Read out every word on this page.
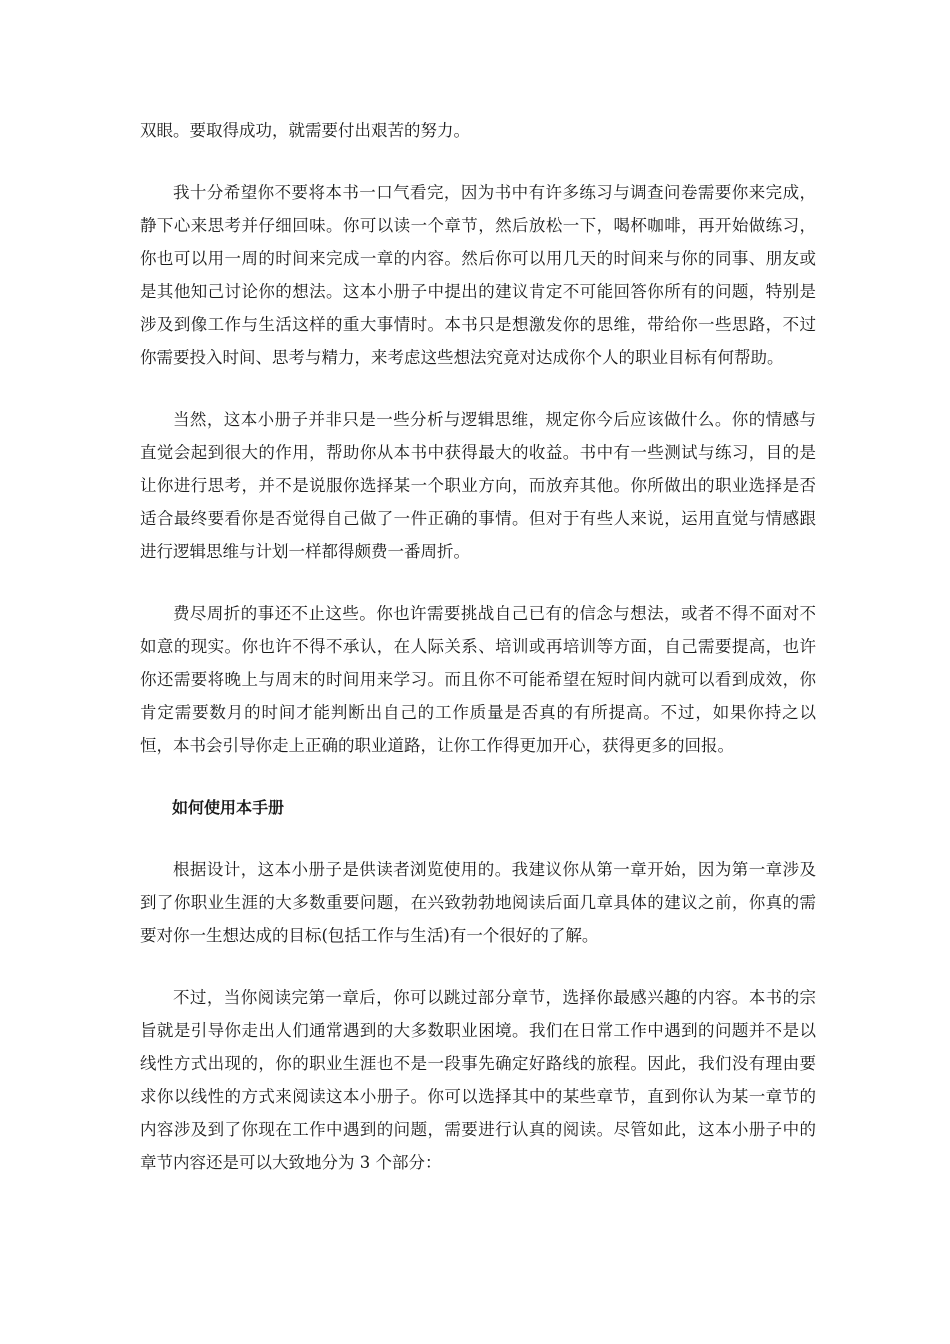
双眼。要取得成功，就需要付出艰苦的努力。

我十分希望你不要将本书一口气看完，因为书中有许多练习与调查问卷需要你来完成，静下心来思考并仔细回味。你可以读一个章节，然后放松一下，喝杯咖啡，再开始做练习，你也可以用一周的时间来完成一章的内容。然后你可以用几天的时间来与你的同事、朋友或是其他知己讨论你的想法。这本小册子中提出的建议肯定不可能回答你所有的问题，特别是涉及到像工作与生活这样的重大事情时。本书只是想激发你的思维，带给你一些思路，不过你需要投入时间、思考与精力，来考虑这些想法究竟对达成你个人的职业目标有何帮助。

当然，这本小册子并非只是一些分析与逻辑思维，规定你今后应该做什么。你的情感与直觉会起到很大的作用，帮助你从本书中获得最大的收益。书中有一些测试与练习，目的是让你进行思考，并不是说服你选择某一个职业方向，而放弃其他。你所做出的职业选择是否适合最终要看你是否觉得自己做了一件正确的事情。但对于有些人来说，运用直觉与情感跟进行逻辑思维与计划一样都得颇费一番周折。

费尽周折的事还不止这些。你也许需要挑战自己已有的信念与想法，或者不得不面对不如意的现实。你也许不得不承认，在人际关系、培训或再培训等方面，自己需要提高，也许你还需要将晚上与周末的时间用来学习。而且你不可能希望在短时间内就可以看到成效，你肯定需要数月的时间才能判断出自己的工作质量是否真的有所提高。不过，如果你持之以恒，本书会引导你走上正确的职业道路，让你工作得更加开心，获得更多的回报。

如何使用本手册

根据设计，这本小册子是供读者浏览使用的。我建议你从第一章开始，因为第一章涉及到了你职业生涯的大多数重要问题，在兴致勃勃地阅读后面几章具体的建议之前，你真的需要对你一生想达成的目标(包括工作与生活)有一个很好的了解。

不过，当你阅读完第一章后，你可以跳过部分章节，选择你最感兴趣的内容。本书的宗旨就是引导你走出人们通常遇到的大多数职业困境。我们在日常工作中遇到的问题并不是以线性方式出现的，你的职业生涯也不是一段事先确定好路线的旅程。因此，我们没有理由要求你以线性的方式来阅读这本小册子。你可以选择其中的某些章节，直到你认为某一章节的内容涉及到了你现在工作中遇到的问题，需要进行认真的阅读。尽管如此，这本小册子中的章节内容还是可以大致地分为 3 个部分：
